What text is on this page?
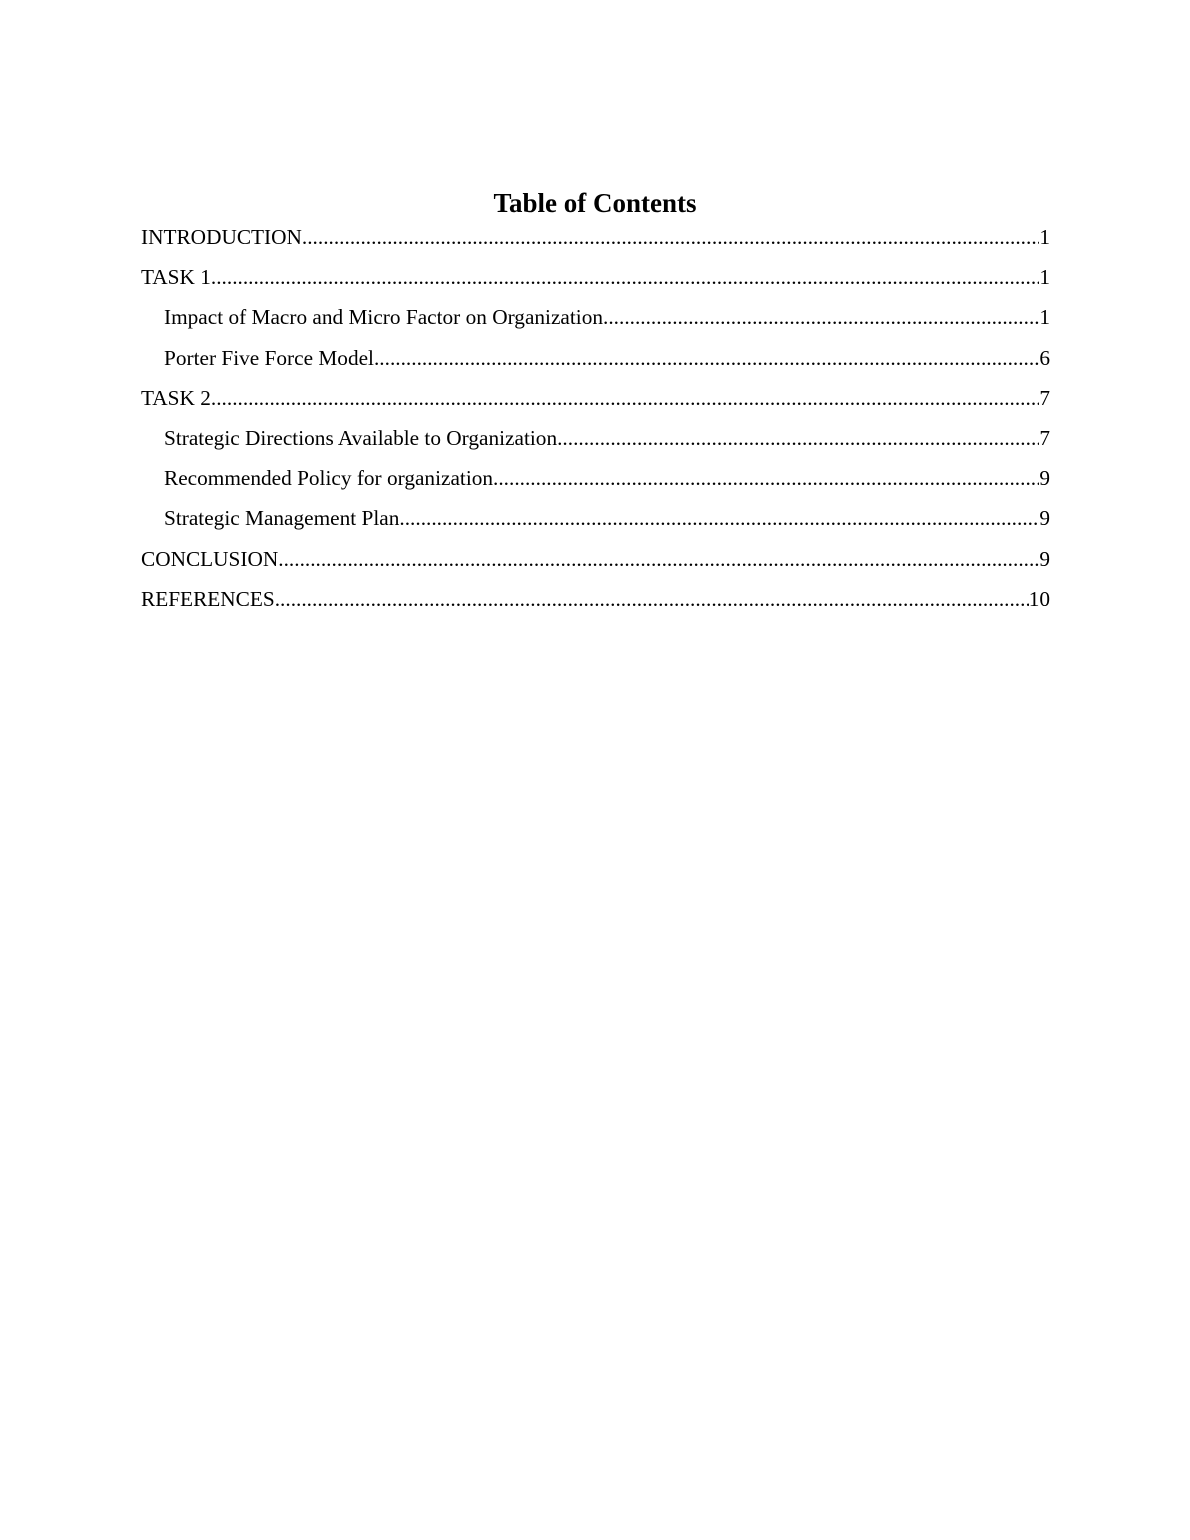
Table of Contents
INTRODUCTION .....	1
TASK 1 .....	1
Impact of Macro and Micro Factor on Organization .....	1
Porter Five Force Model .....	6
TASK 2 .....	7
Strategic Directions Available to Organization .....	7
Recommended Policy for organization .....	9
Strategic Management Plan .....	9
CONCLUSION .....	9
REFERENCES .....	10
